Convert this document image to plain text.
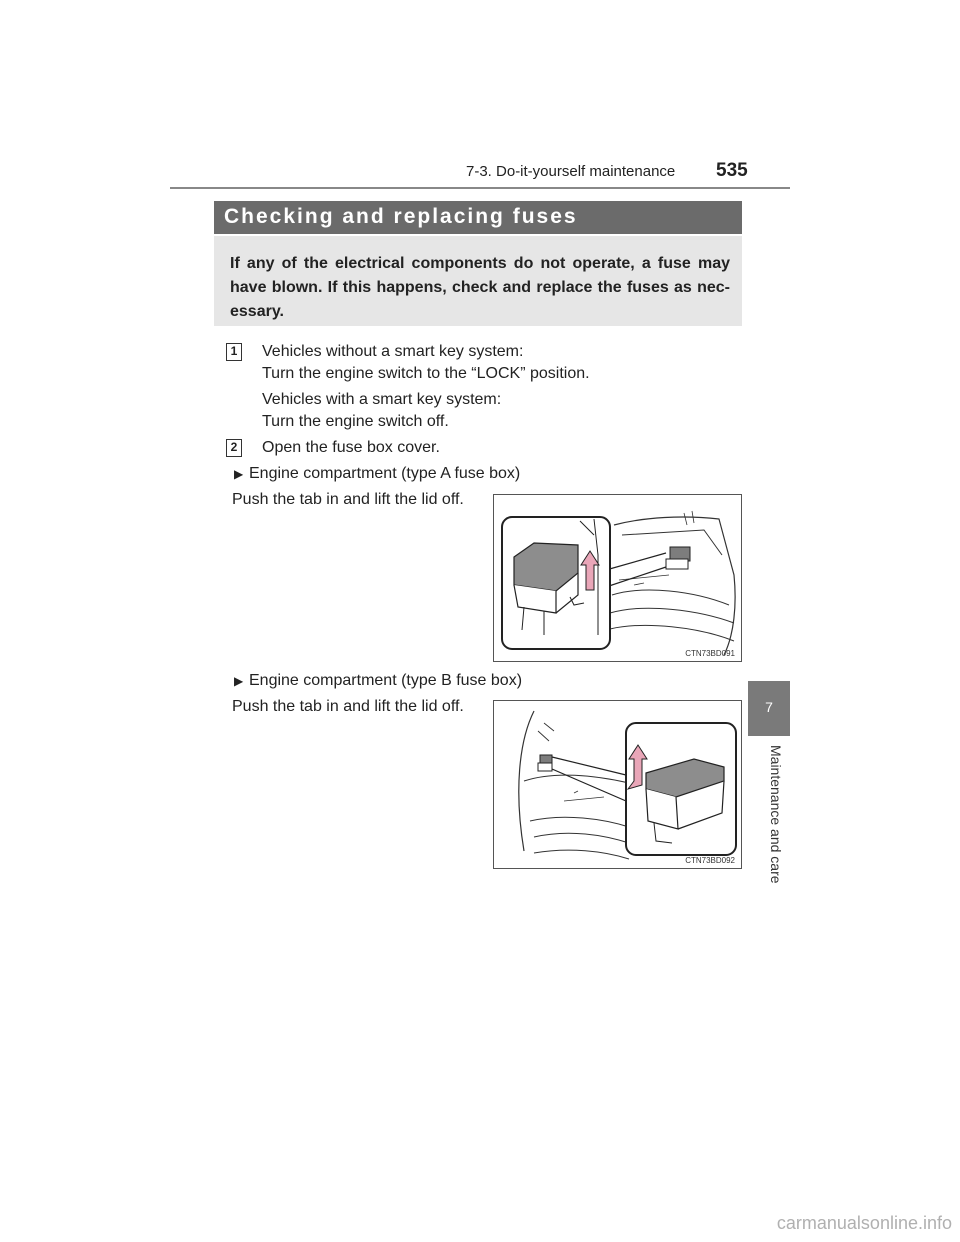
7-3. Do-it-yourself maintenance 535
Checking and replacing fuses
If any of the electrical components do not operate, a fuse may have blown. If this happens, check and replace the fuses as nec-essary.
1 Vehicles without a smart key system:
Turn the engine switch to the “LOCK” position.
Vehicles with a smart key system:
Turn the engine switch off.
2 Open the fuse box cover.
▶ Engine compartment (type A fuse box)
Push the tab in and lift the lid off.
CTN73BD091
▶ Engine compartment (type B fuse box)
Push the tab in and lift the lid off.
CTN73BD092
7
Maintenance and care
carmanualsonline.info
